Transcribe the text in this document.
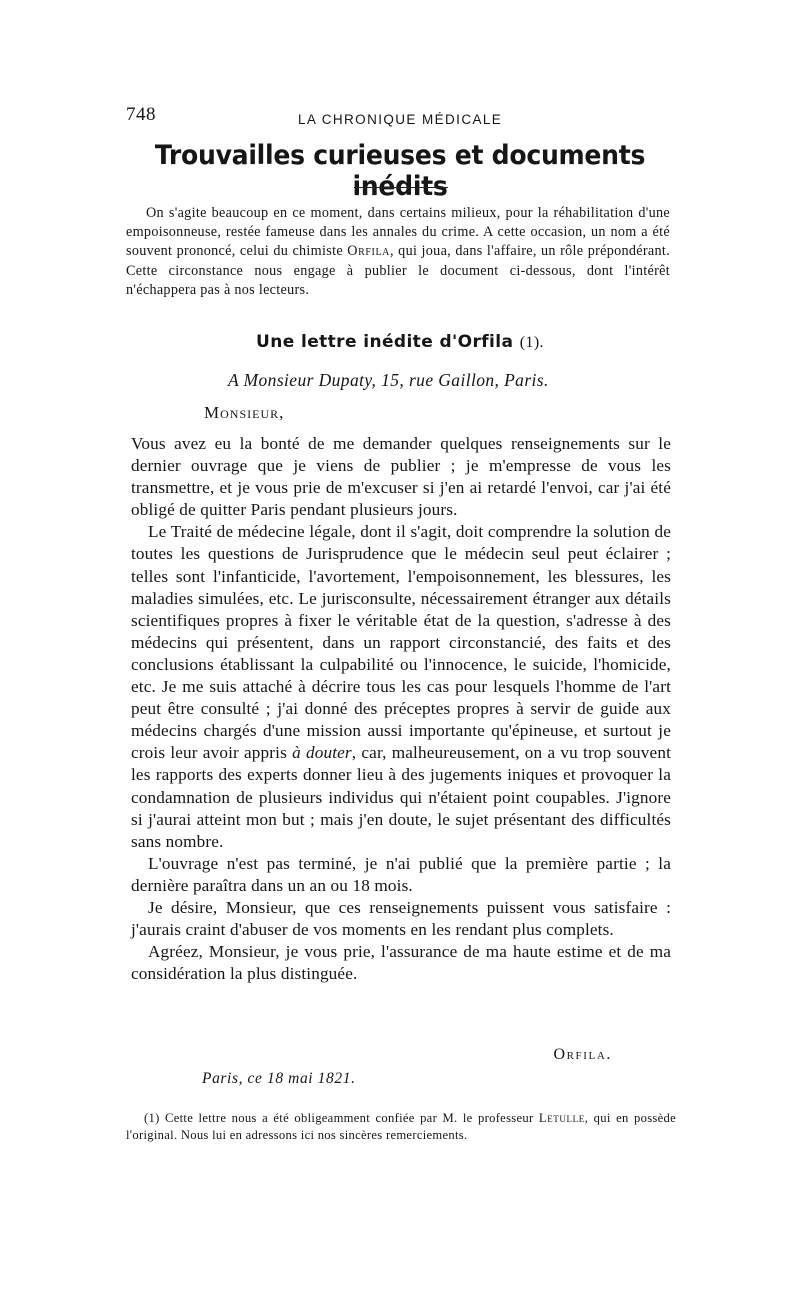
748	LA CHRONIQUE MÉDICALE
Trouvailles curieuses et documents inédits

On s'agite beaucoup en ce moment, dans certains milieux, pour la réhabilitation d'une empoisonneuse, restée fameuse dans les annales du crime. A cette occasion, un nom a été souvent prononcé, celui du chimiste Orfila, qui joua, dans l'affaire, un rôle prépondérant. Cette circonstance nous engage à publier le document ci-dessous, dont l'intérêt n'échappera pas à nos lecteurs.

Une lettre inédite d'Orfila (1).
A Monsieur Dupaty, 15, rue Gaillon, Paris.
Monsieur,

Vous avez eu la bonté de me demander quelques renseignements sur le dernier ouvrage que je viens de publier ; je m'empresse de vous les transmettre, et je vous prie de m'excuser si j'en ai retardé l'envoi, car j'ai été obligé de quitter Paris pendant plusieurs jours.

Le Traité de médecine légale, dont il s'agit, doit comprendre la solution de toutes les questions de Jurisprudence que le médecin seul peut éclairer ; telles sont l'infanticide, l'avortement, l'empoisonnement, les blessures, les maladies simulées, etc. Le jurisconsulte, nécessairement étranger aux détails scientifiques propres à fixer le véritable état de la question, s'adresse à des médecins qui présentent, dans un rapport circonstancié, des faits et des conclusions établissant la culpabilité ou l'innocence, le suicide, l'homicide, etc. Je me suis attaché à décrire tous les cas pour lesquels l'homme de l'art peut être consulté ; j'ai donné des préceptes propres à servir de guide aux médecins chargés d'une mission aussi importante qu'épineuse, et surtout je crois leur avoir appris à douter, car, malheureusement, on a vu trop souvent les rapports des experts donner lieu à des jugements iniques et provoquer la condamnation de plusieurs individus qui n'étaient point coupables. J'ignore si j'aurai atteint mon but ; mais j'en doute, le sujet présentant des difficultés sans nombre.

L'ouvrage n'est pas terminé, je n'ai publié que la première partie ; la dernière paraîtra dans un an ou 18 mois.

Je désire, Monsieur, que ces renseignements puissent vous satisfaire : j'aurais craint d'abuser de vos moments en les rendant plus complets.

Agréez, Monsieur, je vous prie, l'assurance de ma haute estime et de ma considération la plus distinguée.

Orfila.
Paris, ce 18 mai 1821.

(1) Cette lettre nous a été obligeamment confiée par M. le professeur Letulle, qui en possède l'original. Nous lui en adressons ici nos sincères remerciements.
